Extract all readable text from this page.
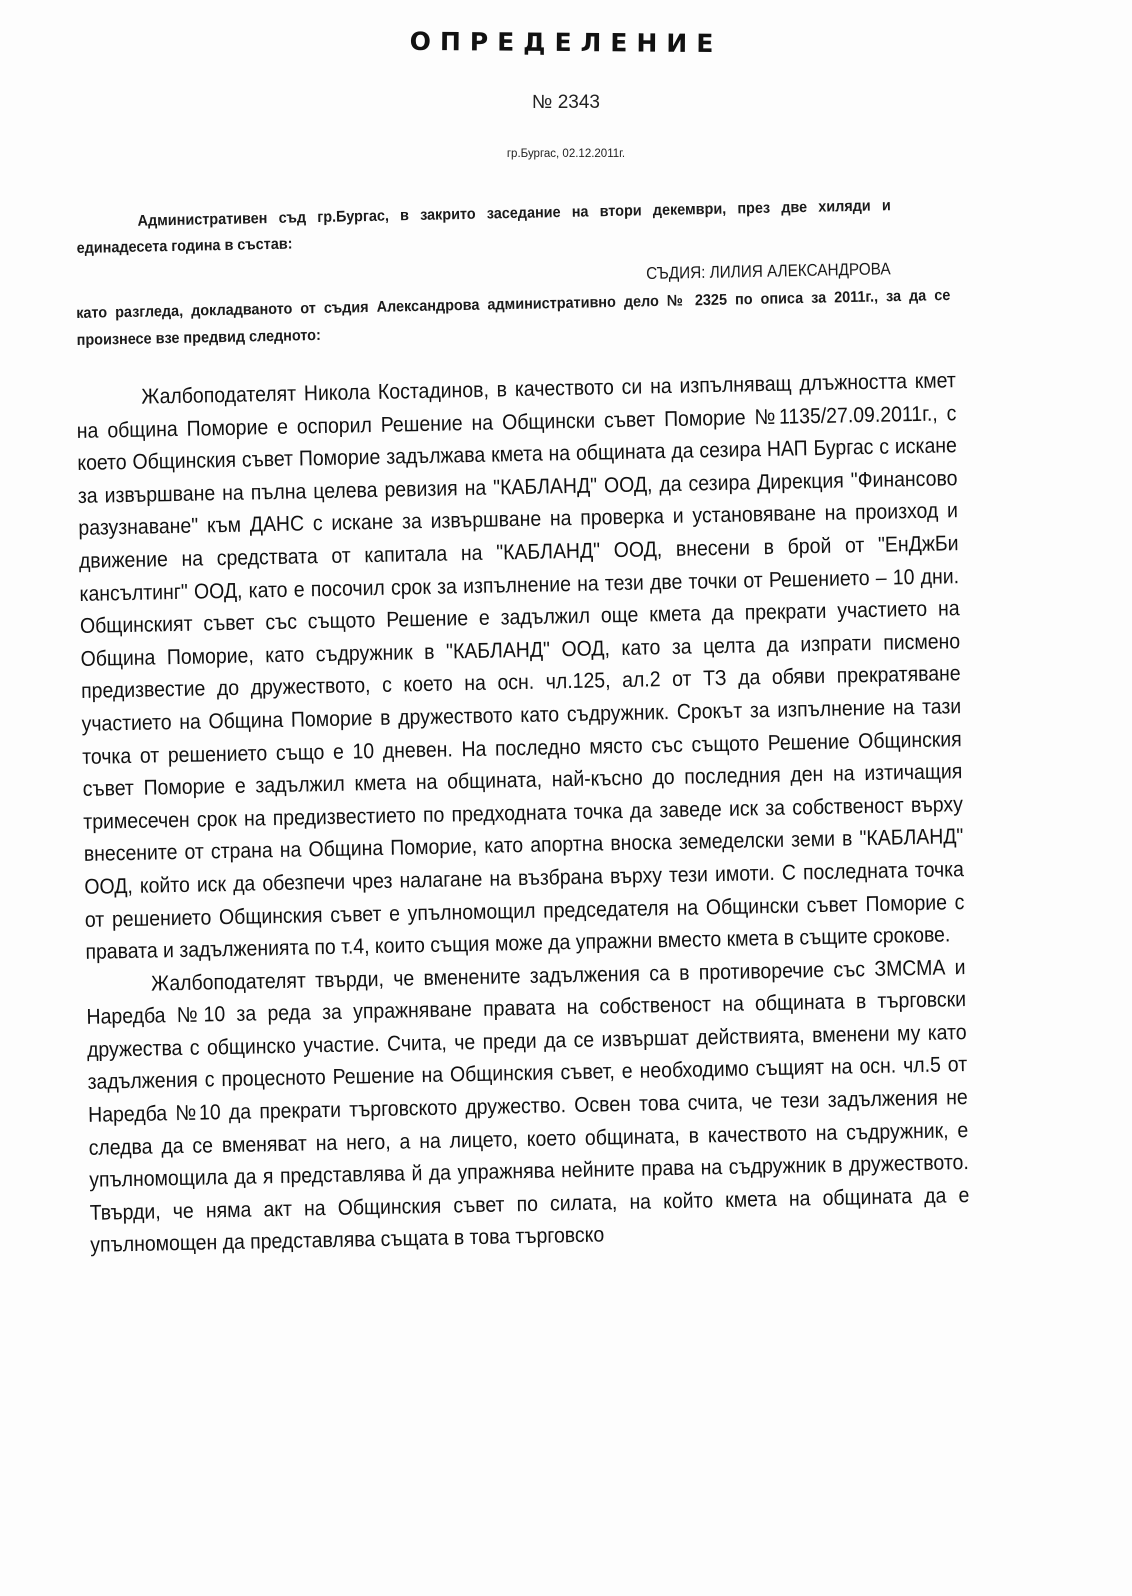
ОПРЕДЕЛЕНИЕ
№ 2343
гр.Бургас, 02.12.2011г.
Административен съд гр.Бургас, в закрито заседание на втори декември, през две хиляди и единадесета година в състав:
СЪДИЯ: ЛИЛИЯ АЛЕКСАНДРОВА
като разгледа, докладваното от съдия Александрова административно дело № 2325 по описа за 2011г., за да се произнесе взе предвид следното:

Жалбоподателят Никола Костадинов, в качеството си на изпълняващ длъжността кмет на община Поморие е оспорил Решение на Общински съвет Поморие №1135/27.09.2011г., с което Общинския съвет Поморие задължава кмета на общината да сезира НАП Бургас с искане за извършване на пълна целева ревизия на "КАБЛАНД" ООД, да сезира Дирекция "Финансово разузнаване" към ДАНС с искане за извършване на проверка и установяване на произход и движение на средствата от капитала на "КАБЛАНД" ООД, внесени в брой от "ЕнДжБи кансълтинг" ООД, като е посочил срок за изпълнение на тези две точки от Решението – 10 дни. Общинският съвет със същото Решение е задължил още кмета да прекрати участието на Община Поморие, като съдружник в "КАБЛАНД" ООД, като за целта да изпрати писмено предизвестие до дружеството, с което на осн. чл.125, ал.2 от ТЗ да обяви прекратяване участието на Община Поморие в дружеството като съдружник. Срокът за изпълнение на тази точка от решението също е 10 дневен. На последно място със същото Решение Общинския съвет Поморие е задължил кмета на общината, най-късно до последния ден на изтичащия тримесечен срок на предизвестието по предходната точка да заведе иск за собственост върху внесените от страна на Община Поморие, като апортна вноска земеделски земи в "КАБЛАНД" ООД, който иск да обезпечи чрез налагане на възбрана върху тези имоти. С последната точка от решението Общинския съвет е упълномощил председателя на Общински съвет Поморие с правата и задълженията по т.4, които същия може да упражни вместо кмета в същите срокове.

Жалбоподателят твърди, че вменените задължения са в противоречие със ЗМСМА и Наредба №10 за реда за упражняване правата на собственост на общината в търговски дружества с общинско участие. Счита, че преди да се извършат действията, вменени му като задължения с процесното Решение на Общинския съвет, е необходимо същият на осн. чл.5 от Наредба №10 да прекрати търговското дружество. Освен това счита, че тези задължения не следва да се вменяват на него, а на лицето, което общината, в качеството на съдружник, е упълномощила да я представлява й да упражнява нейните права на съдружник в дружеството. Твърди, че няма акт на Общинския съвет по силата, на който кмета на общината да е упълномощен да представлява същата в това търговско
